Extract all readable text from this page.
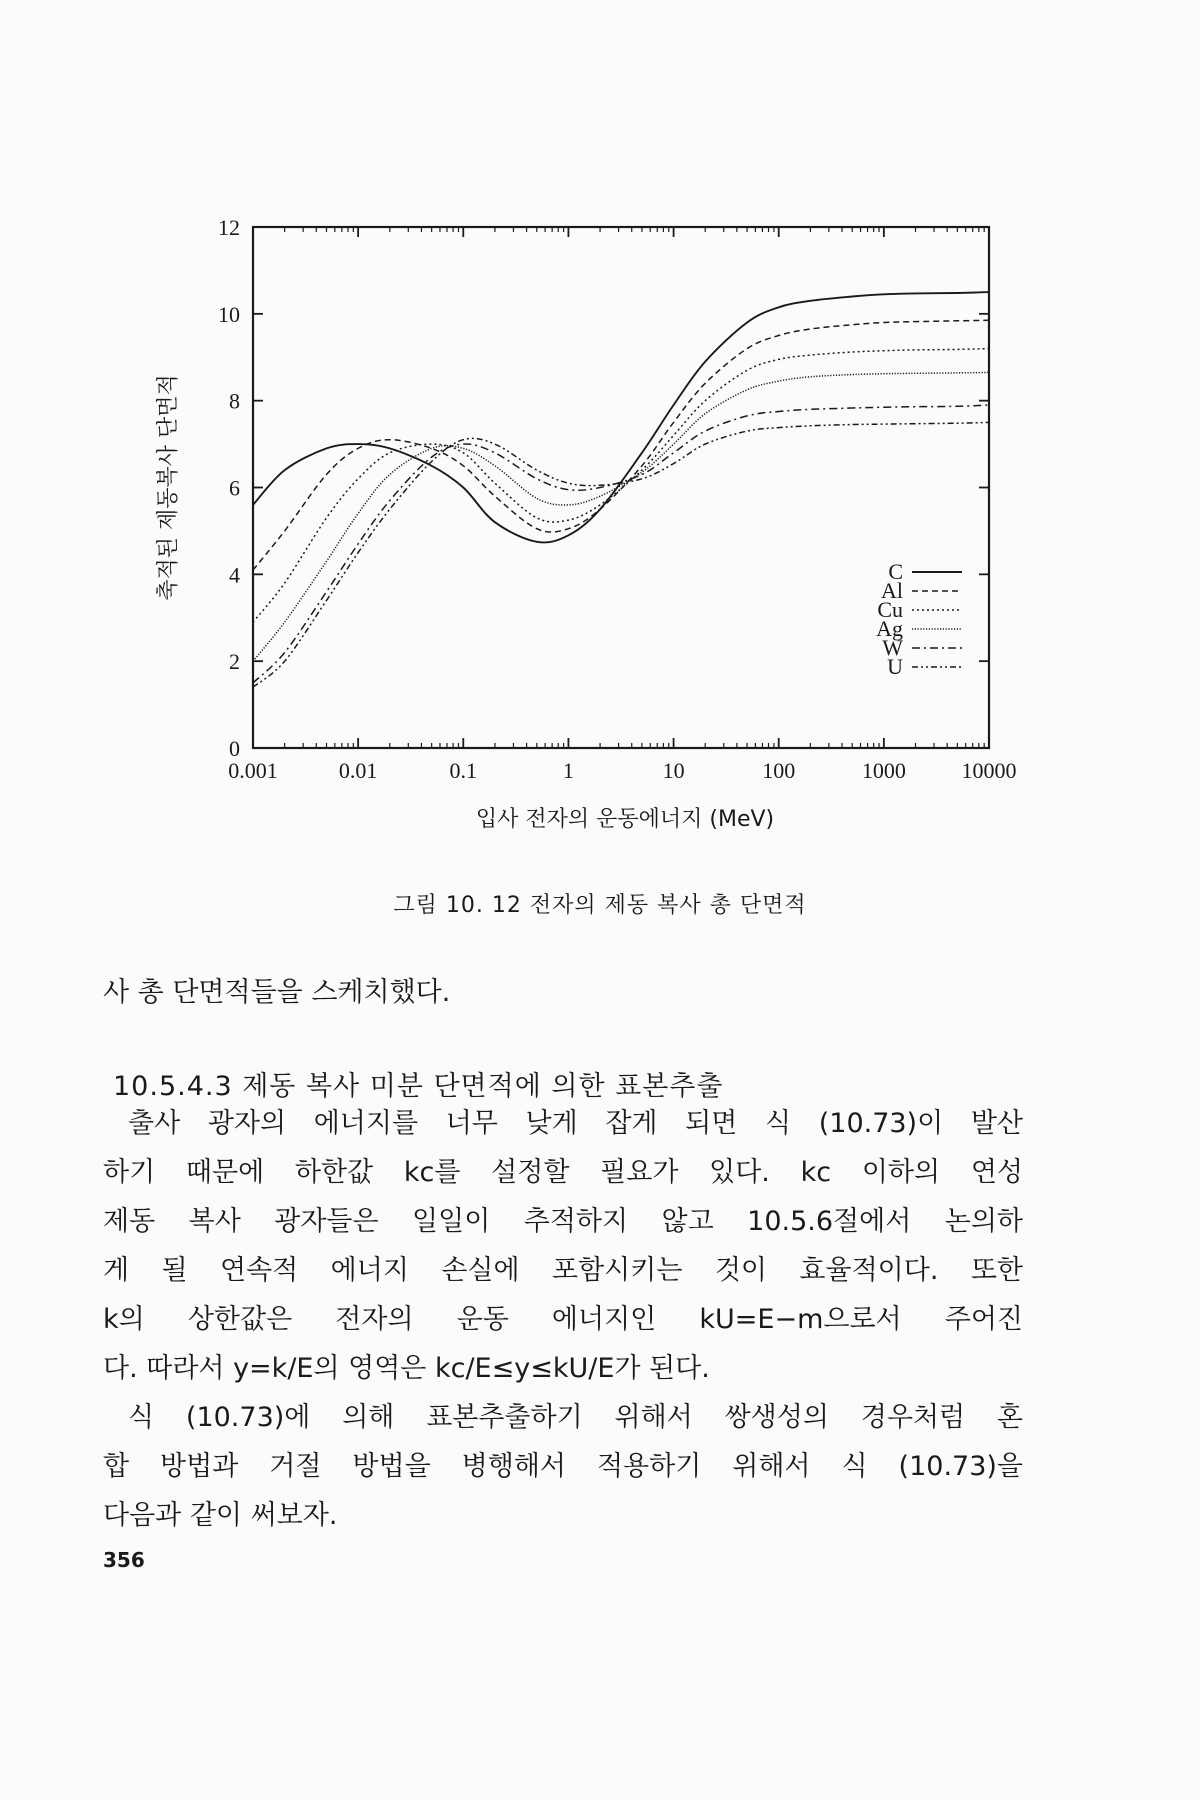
0.001	0.01	0.1	1	10	100	1000	10000
0
2
4
6
8
10
12
입사 전자의 운동에너지 (MeV)
축적된 제동복사 단면적	C
Al
Cu
Ag
W
U
그림 10. 12 전자의 제동 복사 총 단면적
사 총 단면적들을 스케치했다.
10.5.4.3 제동 복사 미분 단면적에 의한 표본추출
출사 광자의 에너지를 너무 낮게 잡게 되면 식 (10.73)이 발산
하기 때문에 하한값 kc를 설정할 필요가 있다. kc 이하의 연성
제동 복사 광자들은 일일이 추적하지 않고 10.5.6절에서 논의하
게 될 연속적 에너지 손실에 포함시키는 것이 효율적이다. 또한
k의 상한값은 전자의 운동 에너지인 kU=E−m으로서 주어진
다. 따라서 y=k/E의 영역은 kc/E≤y≤kU/E가 된다.
식 (10.73)에 의해 표본추출하기 위해서 쌍생성의 경우처럼 혼
합 방법과 거절 방법을 병행해서 적용하기 위해서 식 (10.73)을
다음과 같이 써보자.
356
